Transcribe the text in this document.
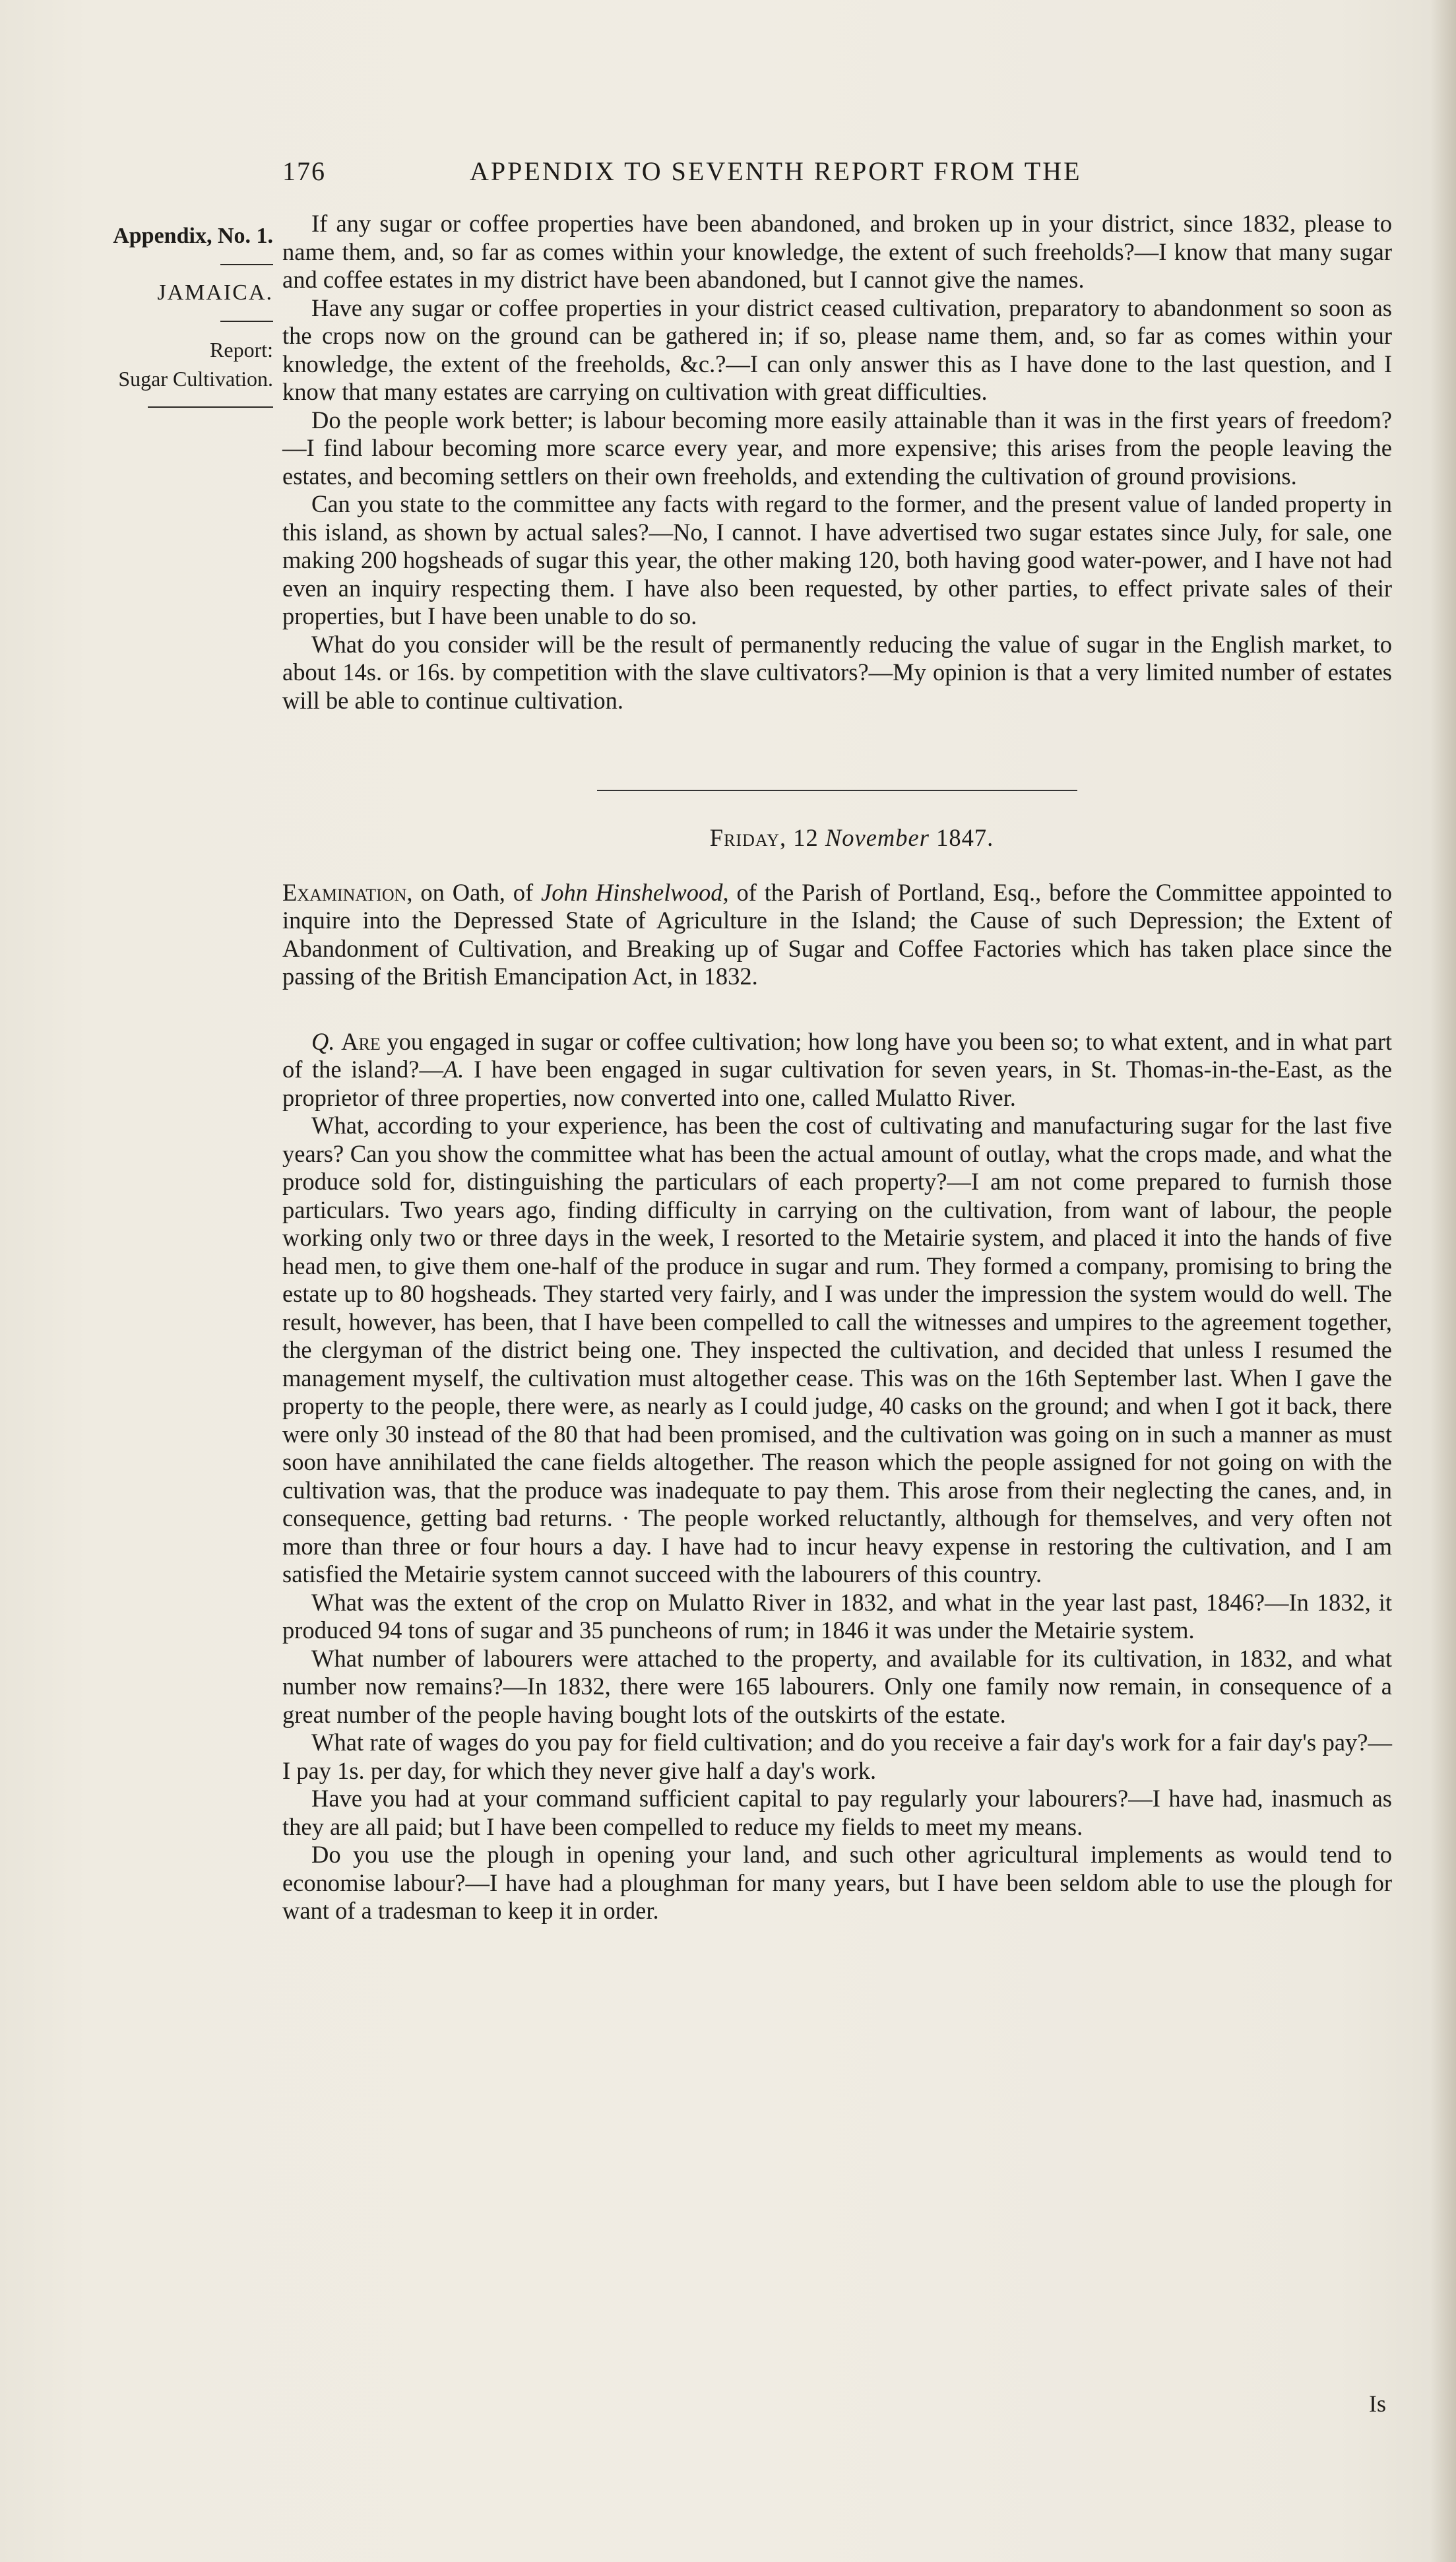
176	APPENDIX TO SEVENTH REPORT FROM THE
Appendix, No. 1.
JAMAICA.
Report:
Sugar Cultivation.

If any sugar or coffee properties have been abandoned, and broken up in your district, since 1832, please to name them, and, so far as comes within your knowledge, the extent of such freeholds?—I know that many sugar and coffee estates in my district have been abandoned, but I cannot give the names.

Have any sugar or coffee properties in your district ceased cultivation, preparatory to abandonment so soon as the crops now on the ground can be gathered in; if so, please name them, and, so far as comes within your knowledge, the extent of the freeholds, &c.?—I can only answer this as I have done to the last question, and I know that many estates are carrying on cultivation with great difficulties.

Do the people work better; is labour becoming more easily attainable than it was in the first years of freedom?—I find labour becoming more scarce every year, and more expensive; this arises from the people leaving the estates, and becoming settlers on their own freeholds, and extending the cultivation of ground provisions.

Can you state to the committee any facts with regard to the former, and the present value of landed property in this island, as shown by actual sales?—No, I cannot. I have advertised two sugar estates since July, for sale, one making 200 hogsheads of sugar this year, the other making 120, both having good water-power, and I have not had even an inquiry respecting them. I have also been requested, by other parties, to effect private sales of their properties, but I have been unable to do so.

What do you consider will be the result of permanently reducing the value of sugar in the English market, to about 14s. or 16s. by competition with the slave cultivators?—My opinion is that a very limited number of estates will be able to continue cultivation.

Friday, 12 November 1847.

Examination, on Oath, of John Hinshelwood, of the Parish of Portland, Esq., before the Committee appointed to inquire into the Depressed State of Agriculture in the Island; the Cause of such Depression; the Extent of Abandonment of Cultivation, and Breaking up of Sugar and Coffee Factories which has taken place since the passing of the British Emancipation Act, in 1832.

Q. Are you engaged in sugar or coffee cultivation; how long have you been so; to what extent, and in what part of the island?—A. I have been engaged in sugar cultivation for seven years, in St. Thomas-in-the-East, as the proprietor of three properties, now converted into one, called Mulatto River.

What, according to your experience, has been the cost of cultivating and manufacturing sugar for the last five years? Can you show the committee what has been the actual amount of outlay, what the crops made, and what the produce sold for, distinguishing the particulars of each property?—I am not come prepared to furnish those particulars. Two years ago, finding difficulty in carrying on the cultivation, from want of labour, the people working only two or three days in the week, I resorted to the Metairie system, and placed it into the hands of five head men, to give them one-half of the produce in sugar and rum. They formed a company, promising to bring the estate up to 80 hogsheads. They started very fairly, and I was under the impression the system would do well. The result, however, has been, that I have been compelled to call the witnesses and umpires to the agreement together, the clergyman of the district being one. They inspected the cultivation, and decided that unless I resumed the management myself, the cultivation must altogether cease. This was on the 16th September last. When I gave the property to the people, there were, as nearly as I could judge, 40 casks on the ground; and when I got it back, there were only 30 instead of the 80 that had been promised, and the cultivation was going on in such a manner as must soon have annihilated the cane fields altogether. The reason which the people assigned for not going on with the cultivation was, that the produce was inadequate to pay them. This arose from their neglecting the canes, and, in consequence, getting bad returns. · The people worked reluctantly, although for themselves, and very often not more than three or four hours a day. I have had to incur heavy expense in restoring the cultivation, and I am satisfied the Metairie system cannot succeed with the labourers of this country.

What was the extent of the crop on Mulatto River in 1832, and what in the year last past, 1846?—In 1832, it produced 94 tons of sugar and 35 puncheons of rum; in 1846 it was under the Metairie system.

What number of labourers were attached to the property, and available for its cultivation, in 1832, and what number now remains?—In 1832, there were 165 labourers. Only one family now remain, in consequence of a great number of the people having bought lots of the outskirts of the estate.

What rate of wages do you pay for field cultivation; and do you receive a fair day's work for a fair day's pay?—I pay 1s. per day, for which they never give half a day's work.

Have you had at your command sufficient capital to pay regularly your labourers?—I have had, inasmuch as they are all paid; but I have been compelled to reduce my fields to meet my means.

Do you use the plough in opening your land, and such other agricultural implements as would tend to economise labour?—I have had a ploughman for many years, but I have been seldom able to use the plough for want of a tradesman to keep it in order.

Is
